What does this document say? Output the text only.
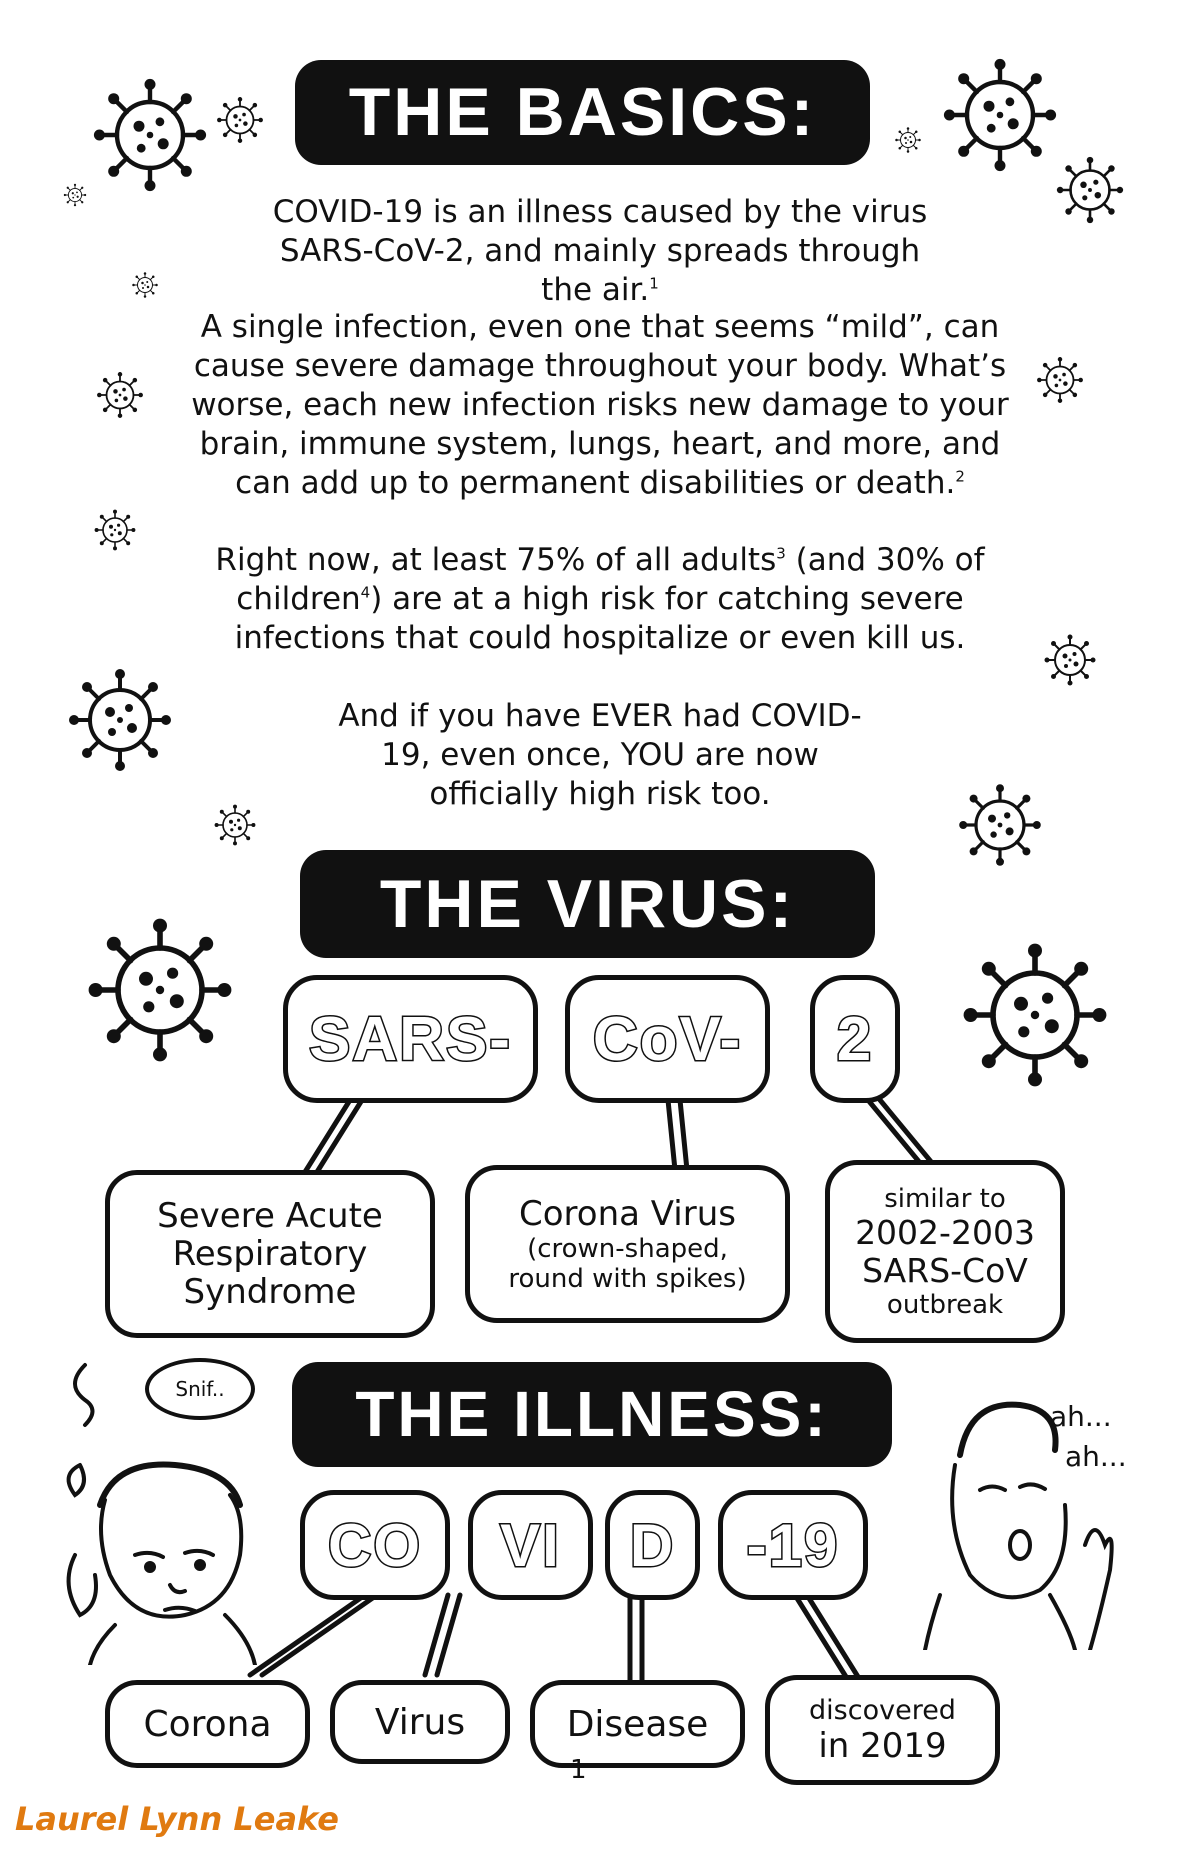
THE BASICS:
COVID-19 is an illness caused by the virus SARS-CoV-2, and mainly spreads through the air.$^1$
A single infection, even one that seems “mild”, can cause severe damage throughout your body. What’s worse, each new infection risks new damage to your brain, immune system, lungs, heart, and more, and can add up to permanent disabilities or death.$^2$
Right now, at least 75% of all adults$^3$ (and 30% of children$^4$) are at a high risk for catching severe infections that could hospitalize or even kill us.
And if you have EVER had COVID-19, even once, YOU are now officially high risk too.
THE VIRUS:
SARS- CoV- 2
Severe Acute
Respiratory
Syndrome
Corona Virus
(crown-shaped,
round with spikes)
similar to
2002-2003
SARS-CoV
outbreak
THE ILLNESS:
CO VI D -19
Corona	Virus	Disease	discovered
in 2019
Snif..
ah...
ah...
1
Laurel Lynn Leake
